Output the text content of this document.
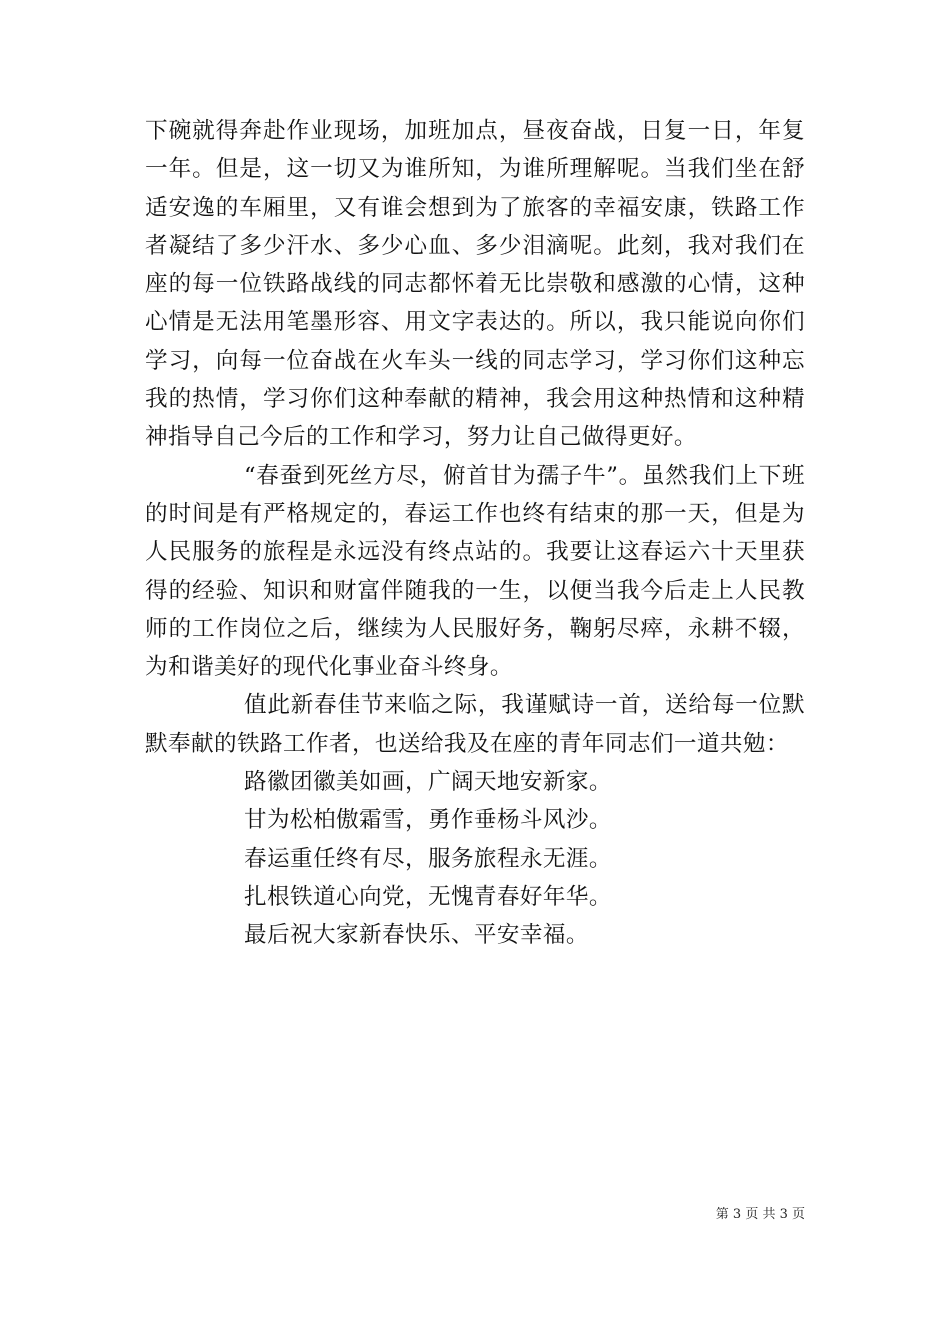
下碗就得奔赴作业现场，加班加点，昼夜奋战，日复一日，年复一年。但是，这一切又为谁所知，为谁所理解呢。当我们坐在舒适安逸的车厢里，又有谁会想到为了旅客的幸福安康，铁路工作者凝结了多少汗水、多少心血、多少泪滴呢。此刻，我对我们在座的每一位铁路战线的同志都怀着无比崇敬和感激的心情，这种心情是无法用笔墨形容、用文字表达的。所以，我只能说向你们学习，向每一位奋战在火车头一线的同志学习，学习你们这种忘我的热情，学习你们这种奉献的精神，我会用这种热情和这种精神指导自己今后的工作和学习，努力让自己做得更好。

“春蚕到死丝方尽，俯首甘为孺子牛”。虽然我们上下班的时间是有严格规定的，春运工作也终有结束的那一天，但是为人民服务的旅程是永远没有终点站的。我要让这春运六十天里获得的经验、知识和财富伴随我的一生，以便当我今后走上人民教师的工作岗位之后，继续为人民服好务，鞠躬尽瘁，永耕不辍，为和谐美好的现代化事业奋斗终身。

值此新春佳节来临之际，我谨赋诗一首，送给每一位默默奉献的铁路工作者，也送给我及在座的青年同志们一道共勉：

路徽团徽美如画，广阔天地安新家。

甘为松柏傲霜雪，勇作垂杨斗风沙。

春运重任终有尽，服务旅程永无涯。

扎根铁道心向党，无愧青春好年华。

最后祝大家新春快乐、平安幸福。

第 3 页 共 3 页
